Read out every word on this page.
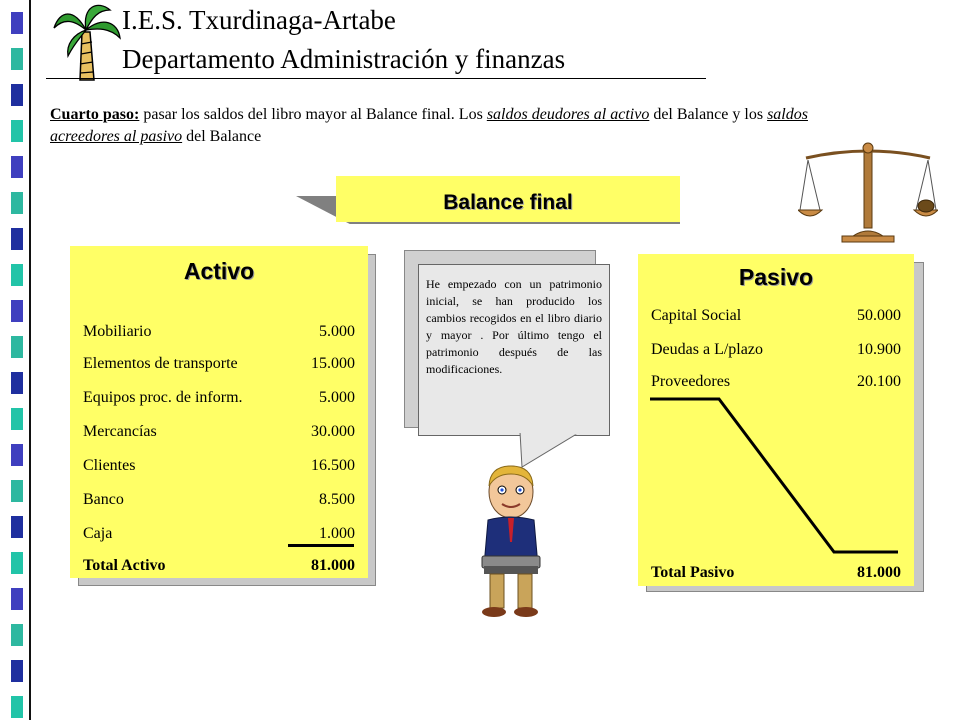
I.E.S. Txurdinaga-Artabe
Departamento Administración y finanzas
Cuarto paso: pasar los saldos del libro mayor al Balance final. Los saldos deudores al activo del Balance y los saldos acreedores al pasivo del Balance
Balance final
Activo
Mobiliario	5.000
Elementos de transporte	15.000
Equipos proc. de inform.	5.000
Mercancías	30.000
Clientes	16.500
Banco	8.500
Caja	1.000
Total Activo	81.000

He empezado con un patrimonio inicial, se han producido los cambios recogidos en el libro diario y mayor . Por último tengo el patrimonio después de las modificaciones.

Pasivo
Capital Social	50.000
Deudas a L/plazo	10.900
Proveedores	20.100
Total Pasivo	81.000
